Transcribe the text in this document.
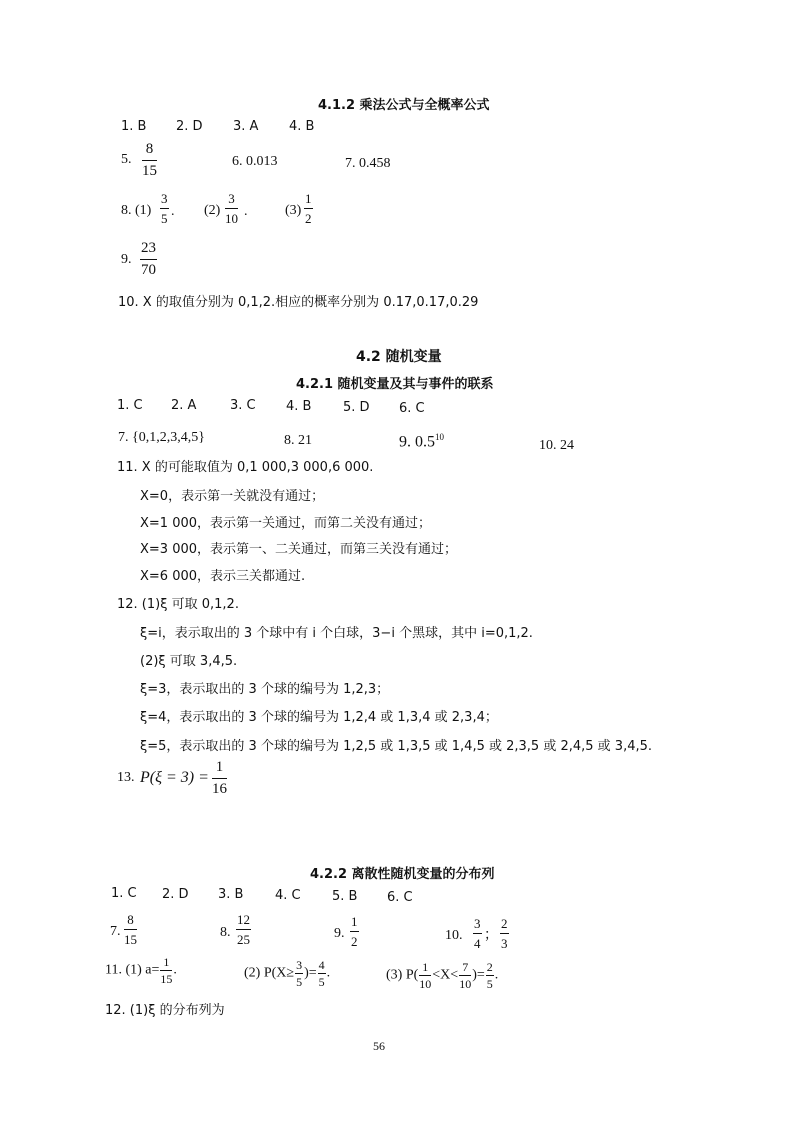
4.1.2 乘法公式与全概率公式
1. B 2. D 3. A 4. B
5. $\frac{8}{15}$	6. 0.013	7. 0.458
8. $(1) \frac{3}{5}$ . $(2) \frac{3}{10}$ .	$(3) \frac{1}{2}$
9. $\frac{23}{70}$
10. X 的取值分别为 0,1,2.相应的概率分别为 0.17,0.17,0.29
4.2 随机变量
4.2.1 随机变量及其与事件的联系
1. C 2. A	3. C 4. B 5. D 6. C
7. {0,1,2,3,4,5}	8. 21	9. $0.5^{10}$
10. 24
11. X 的可能取值为 0,1 000,3 000,6 000.
X=0，表示第一关就没有通过；
X=1 000，表示第一关通过，而第二关没有通过；
X=3 000，表示第一、二关通过，而第三关没有通过；
X=6 000，表示三关都通过.
12. (1)ξ 可取 0,1,2.
ξ=i，表示取出的 3 个球中有 i 个白球，3−i 个黑球，其中 i=0,1,2.
(2)ξ 可取 3,4,5.
ξ=3，表示取出的 3 个球的编号为 1,2,3；
ξ=4，表示取出的 3 个球的编号为 1,2,4 或 1,3,4 或 2,3,4；
ξ=5，表示取出的 3 个球的编号为 1,2,5 或 1,3,5 或 1,4,5 或 2,3,5 或 2,4,5 或 3,4,5.
13. $P(\xi = 3) = \frac{1}{16}$
4.2.2 离散性随机变量的分布列
1. C 2. D 3. B 4. C 5. B 6. C
7. $\frac{8}{15}$	8. $\frac{12}{25}$	9. $\frac{1}{2}$	10. $\frac{3}{4}$ ； $\frac{2}{3}$
11. (1) $a= \frac{1}{15}$ .	(2) $P(X\ge \frac{3}{5}$ )= $\frac{4}{5}$ .	(3) $P( \frac{1}{10} <X< \frac{7}{10}$ )= $\frac{2}{5}$ .
12. (1)ξ 的分布列为
56
